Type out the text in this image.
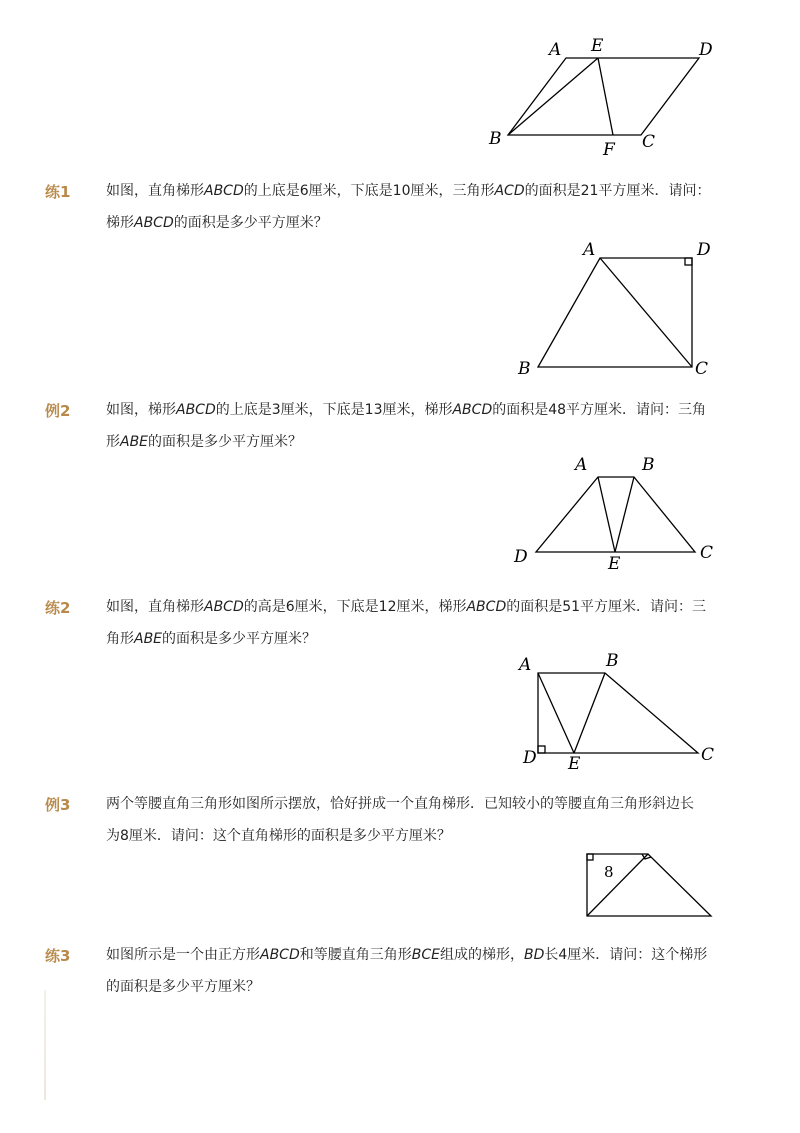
A E	D
B
F C
练1	如图，直角梯形ABCD的上底是6厘米，下底是10厘米，三角形ACD的面积是21平方厘米．请问：
梯形ABCD的面积是多少平方厘米？
A	D
B	C
例2	如图，梯形ABCD的上底是3厘米，下底是13厘米，梯形ABCD的面积是48平方厘米．请问：三角
形ABE的面积是多少平方厘米？
A	B
D	E
C
练2	如图，直角梯形ABCD的高是6厘米，下底是12厘米，梯形ABCD的面积是51平方厘米．请问：三
角形ABE的面积是多少平方厘米？
A	B
D E	C
例3	两个等腰直角三角形如图所示摆放，恰好拼成一个直角梯形．已知较小的等腰直角三角形斜边长
为8厘米．请问：这个直角梯形的面积是多少平方厘米？
8
练3	如图所示是一个由正方形ABCD和等腰直角三角形BCE组成的梯形，BD长4厘米．请问：这个梯形
的面积是多少平方厘米？
